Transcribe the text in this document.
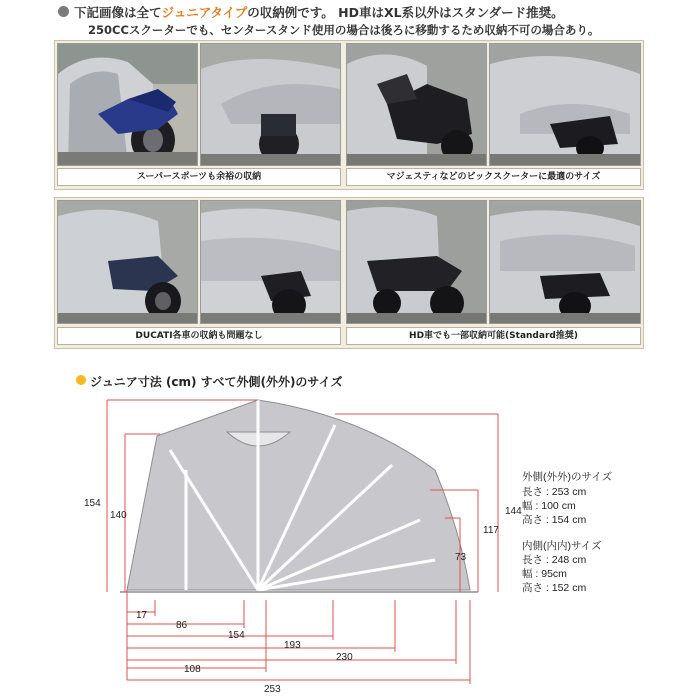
下記画像は全てジュニアタイプの収納例です。 HD車はXL系以外はスタンダード推奨。
250CCスクーターでも、センタースタンド使用の場合は後ろに移動するため収納不可の場合あり。
スーパースポーツも余裕の収納	マジェスティなどのビックスクーターに最適のサイズ
DUCATI各車の収納も問題なし	HD車でも一部収納可能(Standard推奨)
ジュニア寸法 (cm) すべて外側(外外)のサイズ
154
140	144
117
73
17
86
154
193
230
108
253
外側(外外)のサイズ
長さ : 253 cm
幅 : 100 cm
高さ : 154 cm
内側(内内)サイズ
長さ : 248 cm
幅 : 95cm
高さ : 152 cm
